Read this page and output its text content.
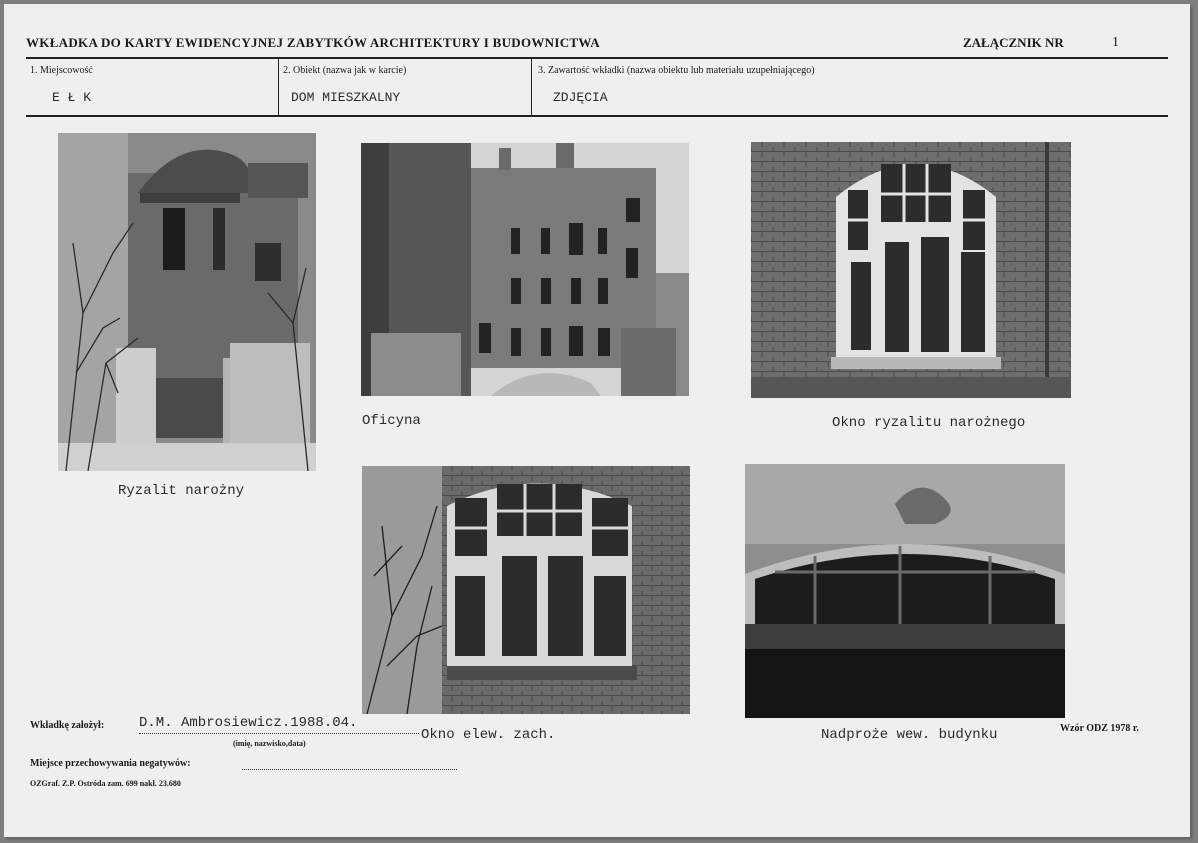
WKŁADKA DO KARTY EWIDENCYJNEJ ZABYTKÓW ARCHITEKTURY I BUDOWNICTWA	ZAŁĄCZNIK NR	1
1. Miejscowość	2. Obiekt (nazwa jak w karcie)	3. Zawartość wkładki (nazwa obiektu lub materiału uzupełniającego)
E Ł K	DOM MIESZKALNY	ZDJĘCIA
Ryzalit narożny
Oficyna	Okno ryzalitu narożnego
Okno elew. zach.	Nadproże wew. budynku
Wkładkę założył: D.M. Ambrosiewicz.1988.04.
(imię, nazwisko,data)
Miejsce przechowywania negatywów:
OZGraf. Z.P. Ostróda zam. 699 nakł. 23.680
Wzór ODZ 1978 r.
